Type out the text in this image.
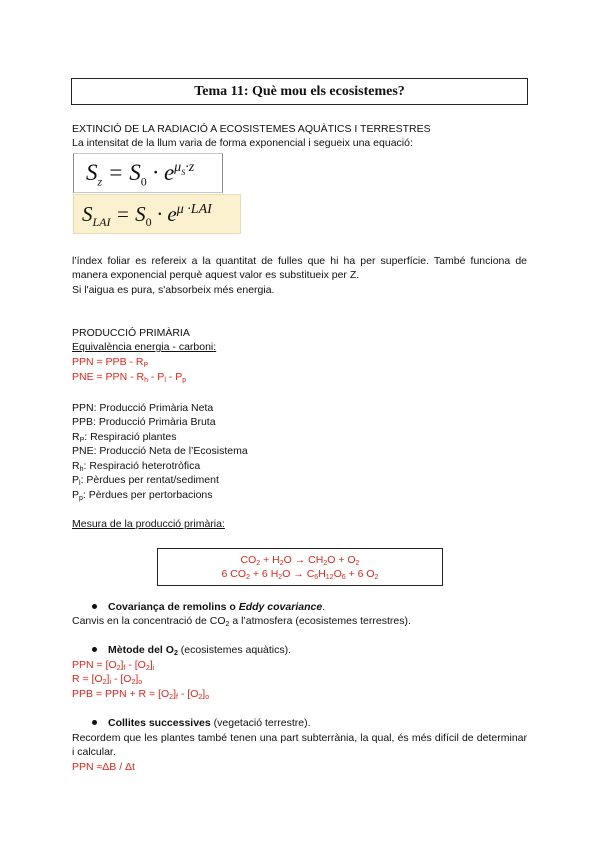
Tema 11: Què mou els ecosistemes?
EXTINCIÓ DE LA RADIACIÓ A ECOSISTEMES AQUÀTICS I TERRESTRES
La intensitat de la llum varia de forma exponencial i segueix una equació:
$S_z = S_0 \cdot e^{\mu_S\cdot z}$
$S_{LAI} = S_0 \cdot e^{\mu \cdot LAI}$
l’índex foliar es refereix a la quantitat de fulles que hi ha per superfície. També funciona de manera exponencial perquè aquest valor es substitueix per Z.
Si l'aigua es pura, s'absorbeix més energia.
PRODUCCIÓ PRIMÀRIA
Equivalència energia - carboni:
PPN = PPB - $R_P$
PNE = PPN - $R_h - P_l - P_p$
PPN: Producció Primària Neta
PPB: Producció Primària Bruta
$R_P$: Respiració plantes
PNE: Producció Neta de l’Ecosistema
$R_h$: Respiració heterotròfica
$P_l$: Pèrdues per rentat/sediment
$P_p$: Pèrdues per pertorbacions
Mesura de la producció primària:
$CO_2 + H_2O \to CH_2O + O_2$
6 $CO_2 + 6$ $H_2O \to C_6H_{12}O_6 + 6$ $O_2$
Covariança de remolins o Eddy covariance.
Canvis en la concentració de $CO_2$ a l’atmosfera (ecosistemes terrestres).
Mètode del $O_2$ (ecosistemes aquàtics).
PPN = $[O_2]_f - [O_2]_i$
$R = [O_2]_i - [O_2]_o$
PPB = PPN + $R = [O_2]_f - [O_2]_o$
Collites successives (vegetació terrestre).
Recordem que les plantes també tenen una part subterrània, la qual, és més difícil de determinar i calcular.
PPN ≈ΔB / Δt
